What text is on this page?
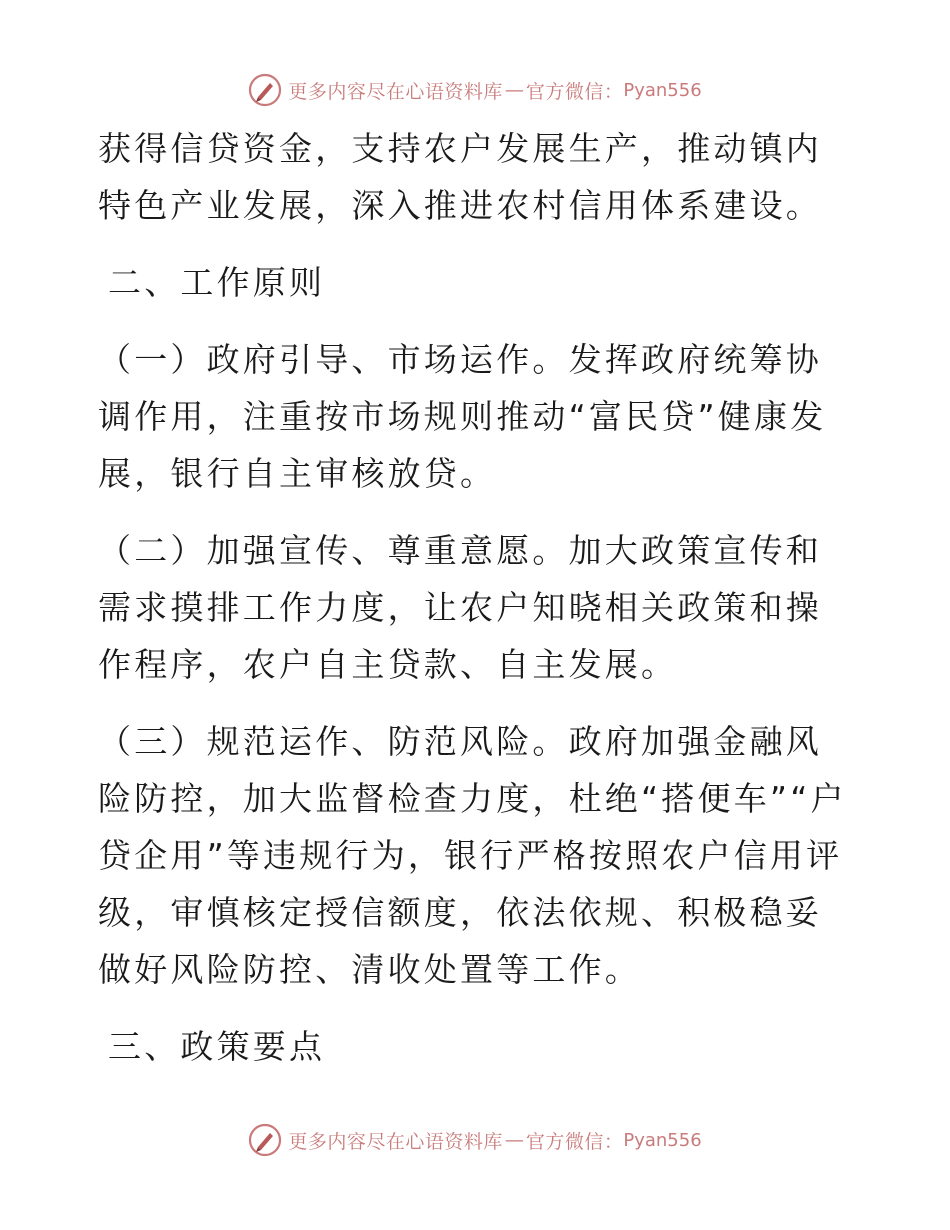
更多内容尽在心语资料库 — 官方微信： Pyan556

获得信贷资金，支持农户发展生产，推动镇内特色产业发展，深入推进农村信用体系建设。

二、工作原则

（一）政府引导、市场运作。发挥政府统筹协调作用，注重按市场规则推动“富民贷”健康发展，银行自主审核放贷。

（二）加强宣传、尊重意愿。加大政策宣传和需求摸排工作力度，让农户知晓相关政策和操作程序，农户自主贷款、自主发展。

（三）规范运作、防范风险。政府加强金融风险防控，加大监督检查力度，杜绝“搭便车”“户贷企用”等违规行为，银行严格按照农户信用评级，审慎核定授信额度，依法依规、积极稳妥做好风险防控、清收处置等工作。

三、政策要点

更多内容尽在心语资料库 — 官方微信： Pyan556
